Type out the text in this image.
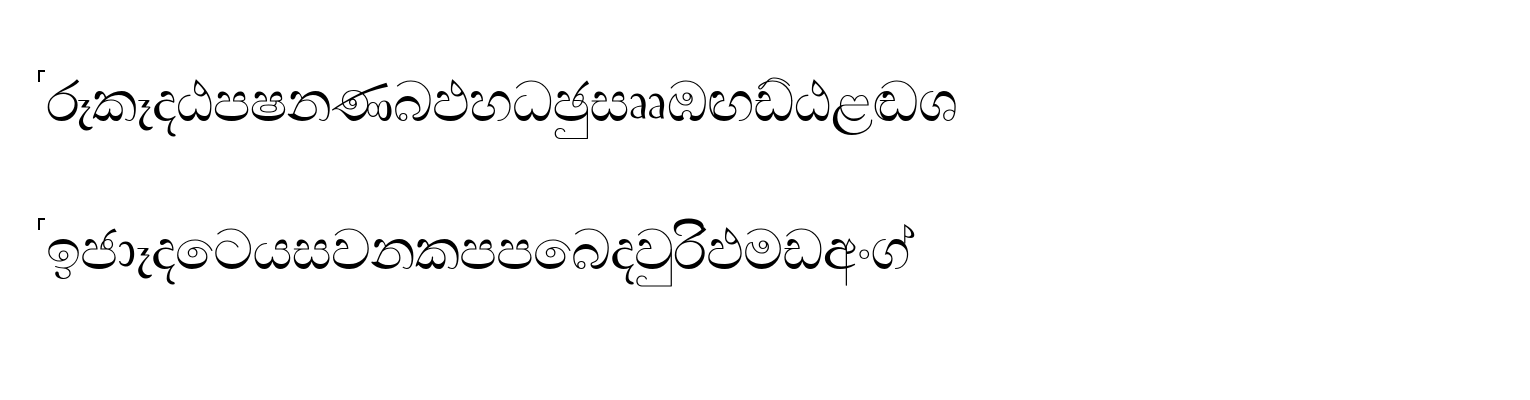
රූකෑදඨපෂනණබඵහධඡුසෲඹඟඩ්ඨළඬශ
ඉජාෑදටෙයසවනකපපබෙදවුරිඵමඩඅංග්
